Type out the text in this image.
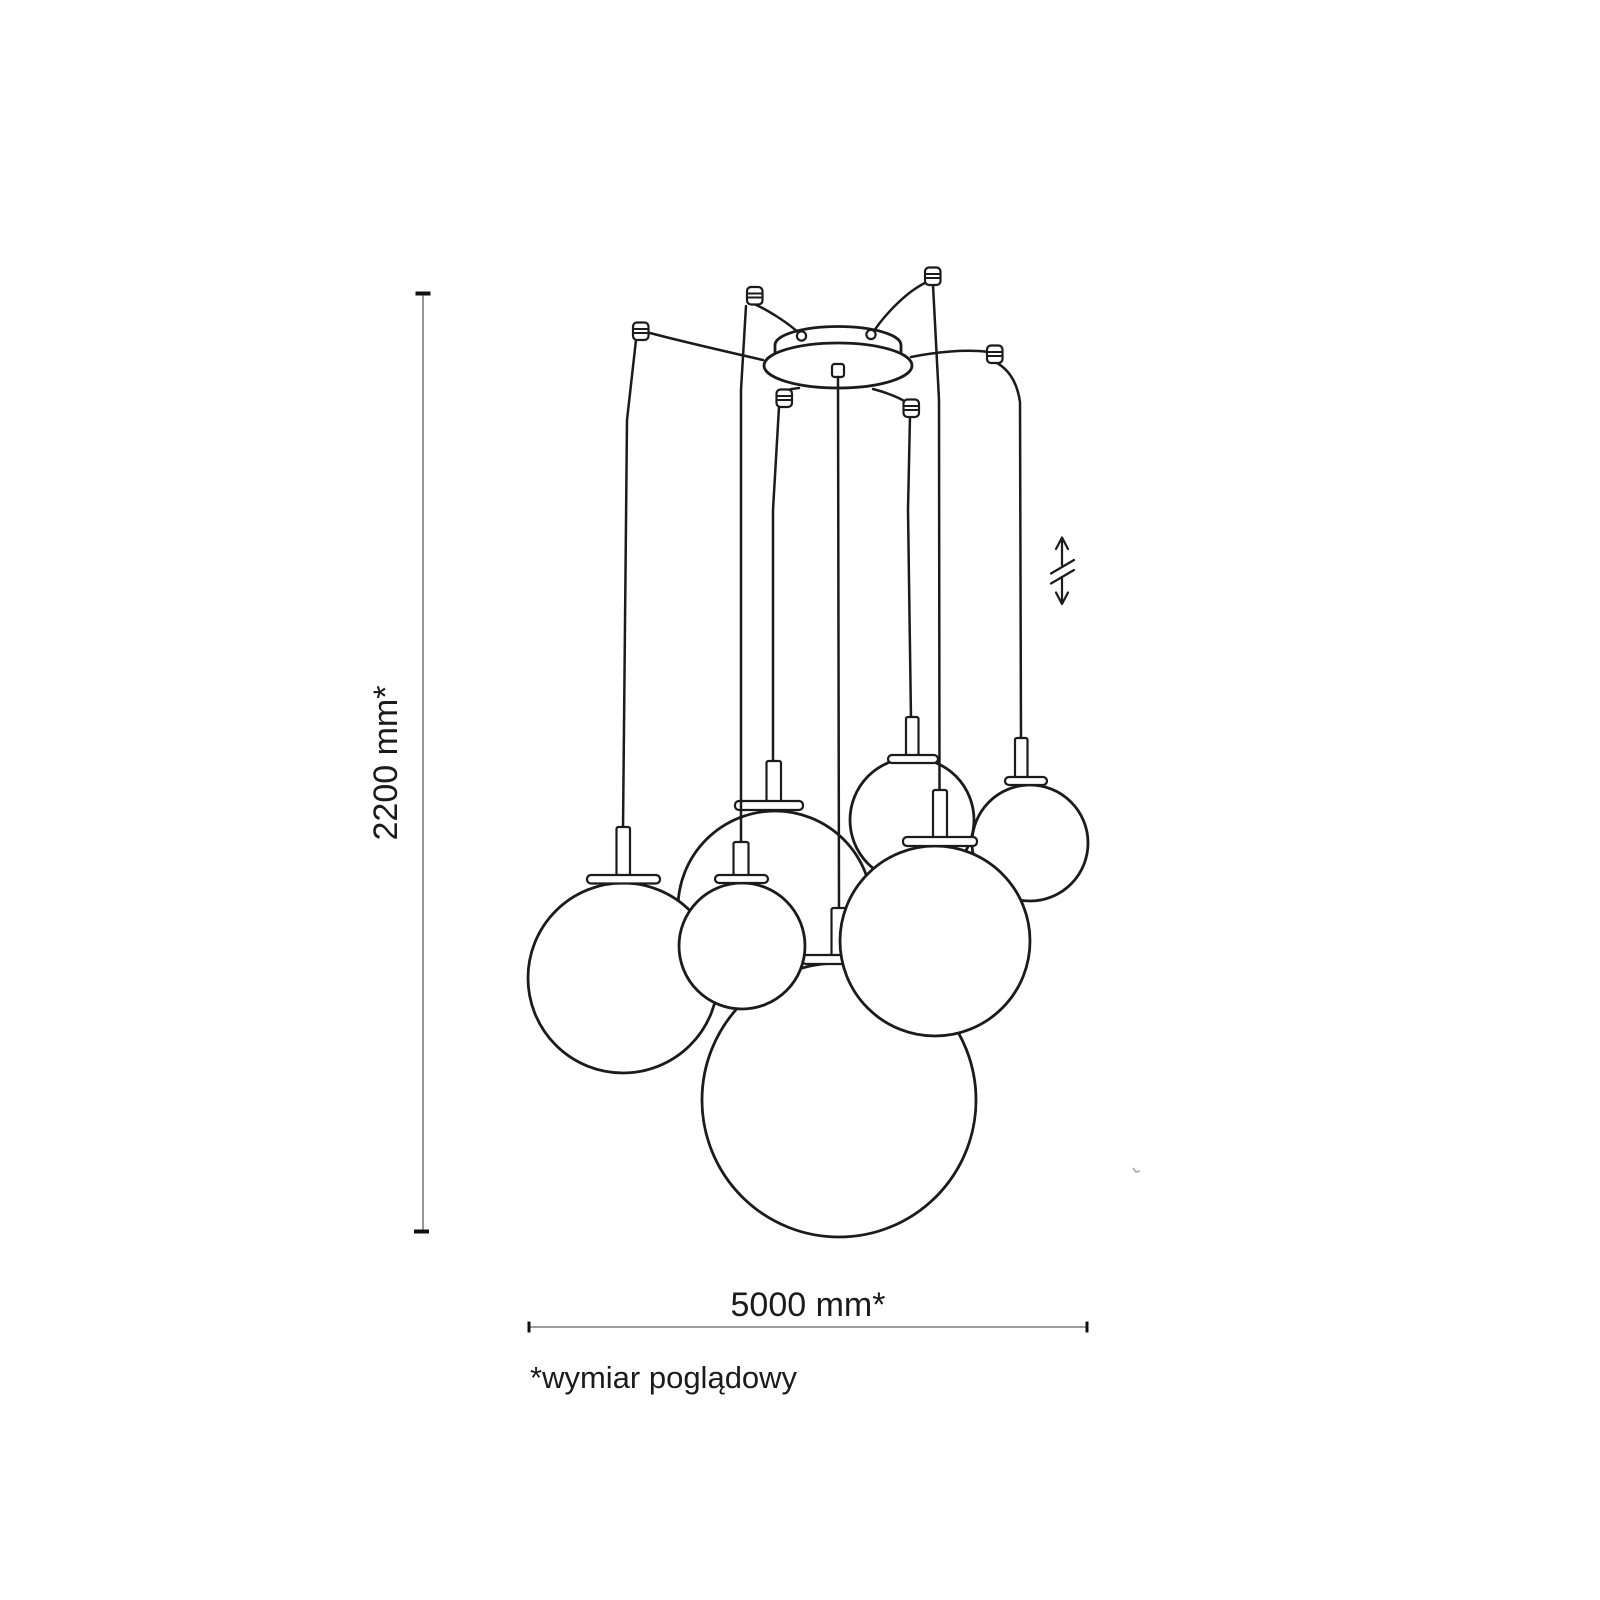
2200 mm*
5000 mm*
*wymiar poglądowy
